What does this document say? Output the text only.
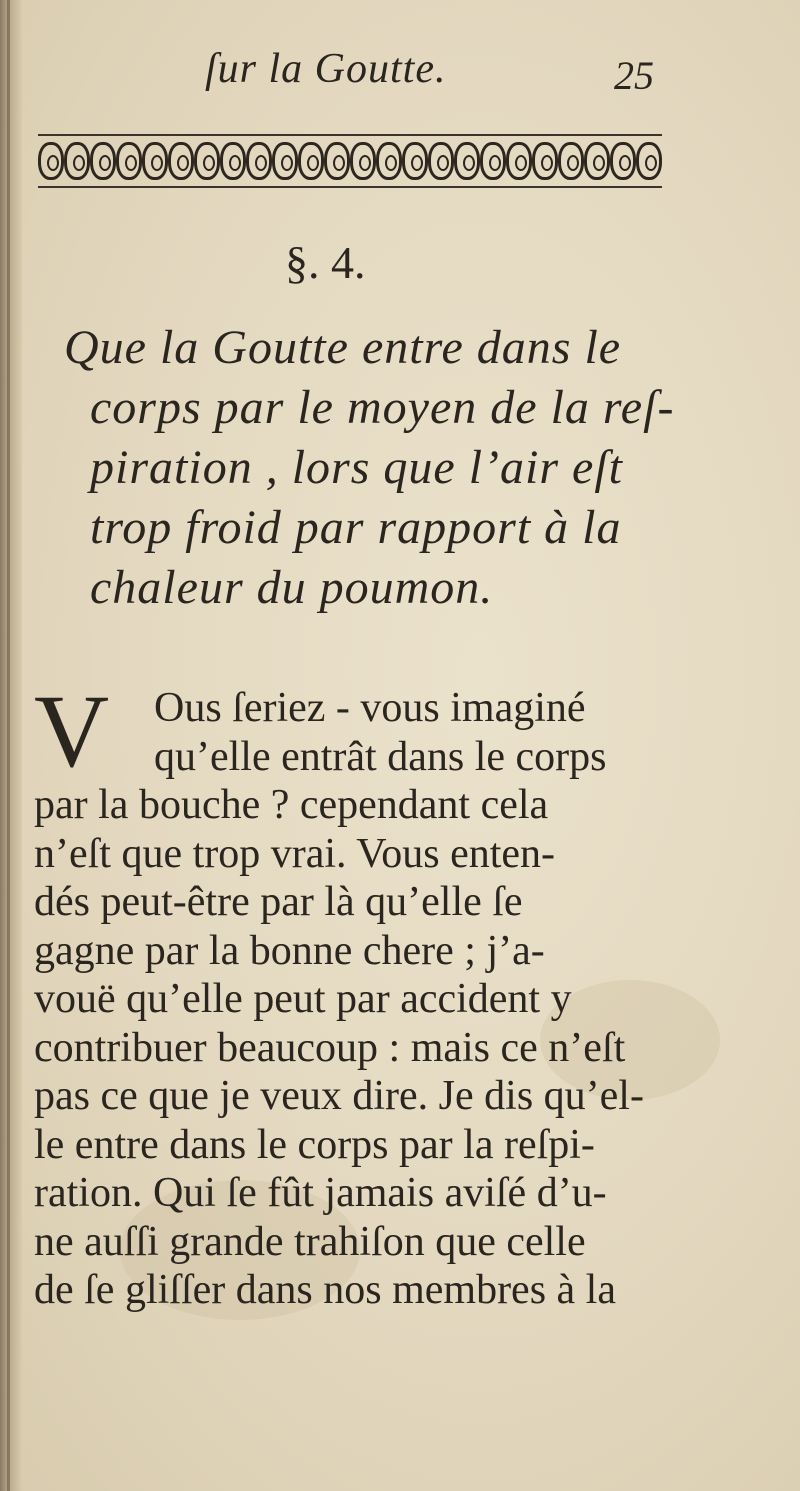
ſur la Goutte.	25
§. 4.
Que la Goutte entre dans le
corps par le moyen de la reſ-
piration , lors que l’air eſt
trop froid par rapport à la
chaleur du poumon.
V	Ous ſeriez - vous imaginé
qu’elle entrât dans le corps
par la bouche ? cependant cela
n’eſt que trop vrai. Vous enten-
dés peut-être par là qu’elle ſe
gagne par la bonne chere ; j’a-
vouë qu’elle peut par accident y
contribuer beaucoup : mais ce n’eſt
pas ce que je veux dire. Je dis qu’el-
le entre dans le corps par la reſpi-
ration. Qui ſe fût jamais aviſé d’u-
ne auſſi grande trahiſon que celle
de ſe gliſſer dans nos membres à la
